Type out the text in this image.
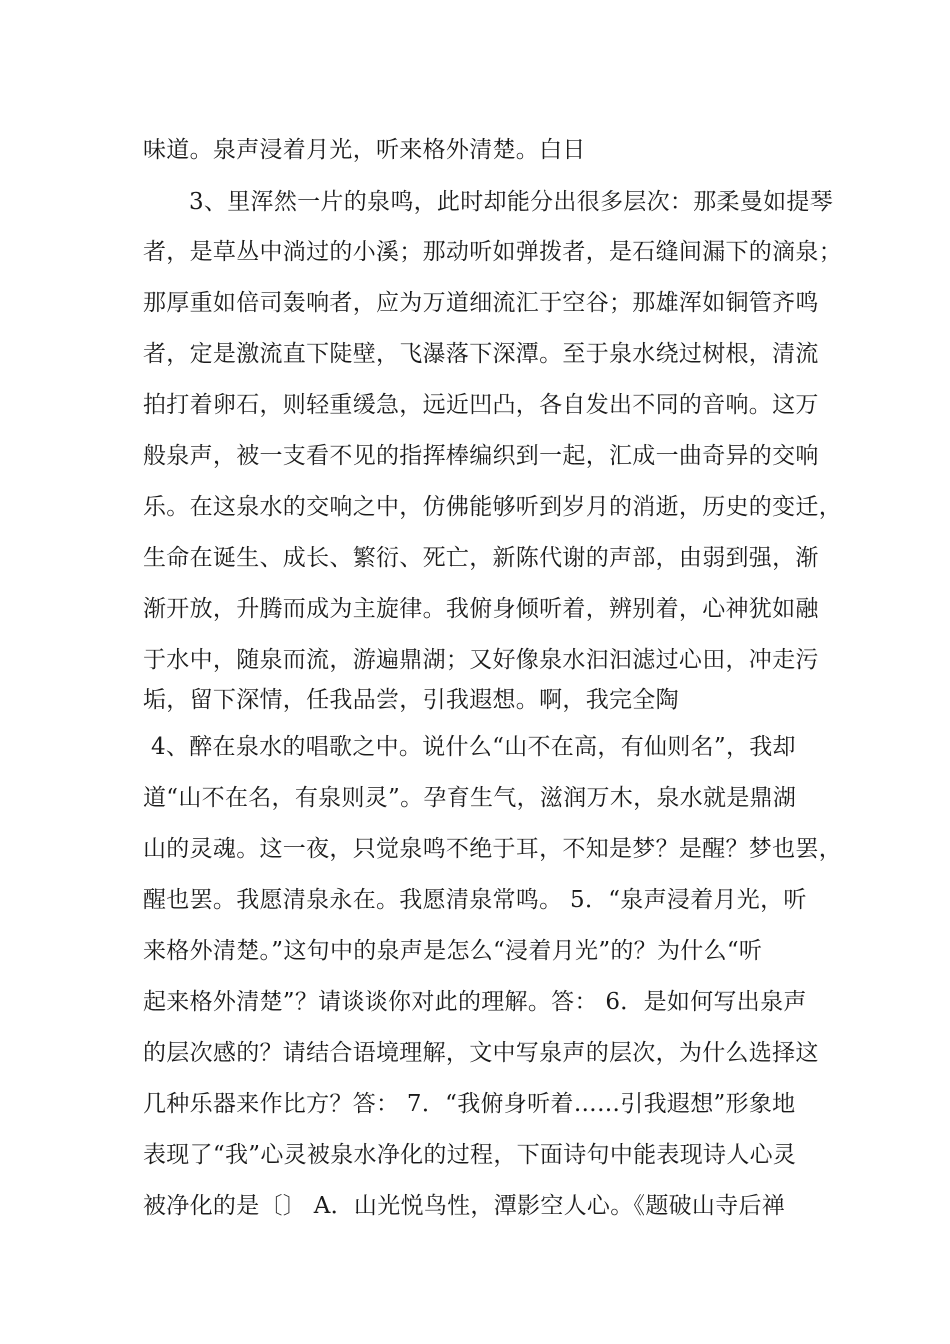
味道。泉声浸着月光，听来格外清楚。白日
3、里浑然一片的泉鸣，此时却能分出很多层次：那柔曼如提琴
者，是草丛中淌过的小溪；那动听如弹拨者，是石缝间漏下的滴泉；
那厚重如倍司轰响者，应为万道细流汇于空谷；那雄浑如铜管齐鸣
者，定是激流直下陡壁，飞瀑落下深潭。至于泉水绕过树根，清流
拍打着卵石，则轻重缓急，远近凹凸，各自发出不同的音响。这万
般泉声，被一支看不见的指挥棒编织到一起，汇成一曲奇异的交响
乐。在这泉水的交响之中，仿佛能够听到岁月的消逝，历史的变迁，
生命在诞生、成长、繁衍、死亡，新陈代谢的声部，由弱到强，渐
渐开放，升腾而成为主旋律。我俯身倾听着，辨别着，心神犹如融
于水中，随泉而流，游遍鼎湖；又好像泉水汩汩滤过心田，冲走污
垢，留下深情，任我品尝，引我遐想。啊，我完全陶
4、醉在泉水的唱歌之中。说什么“山不在高，有仙则名”，我却
道“山不在名，有泉则灵”。孕育生气，滋润万木，泉水就是鼎湖
山的灵魂。这一夜，只觉泉鸣不绝于耳，不知是梦？是醒？梦也罢，
醒也罢。我愿清泉永在。我愿清泉常鸣。 5．“泉声浸着月光，听
来格外清楚。”这句中的泉声是怎么“浸着月光”的？为什么“听
起来格外清楚”？请谈谈你对此的理解。答： 6．是如何写出泉声
的层次感的？请结合语境理解，文中写泉声的层次，为什么选择这
几种乐器来作比方？答： 7．“我俯身听着……引我遐想”形象地
表现了“我”心灵被泉水净化的过程，下面诗句中能表现诗人心灵
被净化的是〔〕 A．山光悦鸟性，潭影空人心。《题破山寺后禅
